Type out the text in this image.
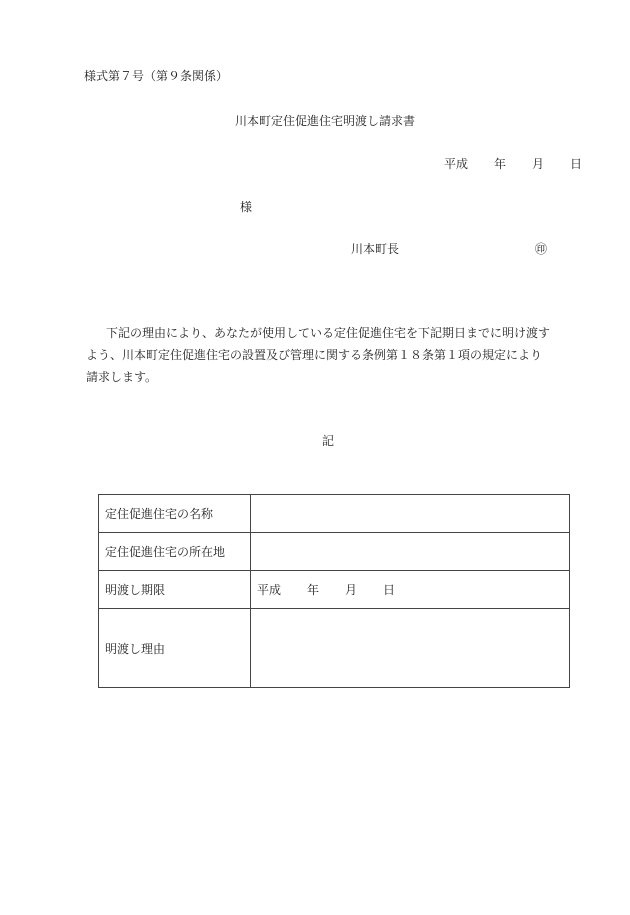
様式第７号（第９条関係）
川本町定住促進住宅明渡し請求書
平成 年 月 日
様
川本町長	㊞
下記の理由により、あなたが使用している定住促進住宅を下記期日までに明け渡す
よう、川本町定住促進住宅の設置及び管理に関する条例第１８条第１項の規定により
請求します。
記
定住促進住宅の名称	
定住促進住宅の所在地	
明渡し期限	平成 年 月 日
明渡し理由	
